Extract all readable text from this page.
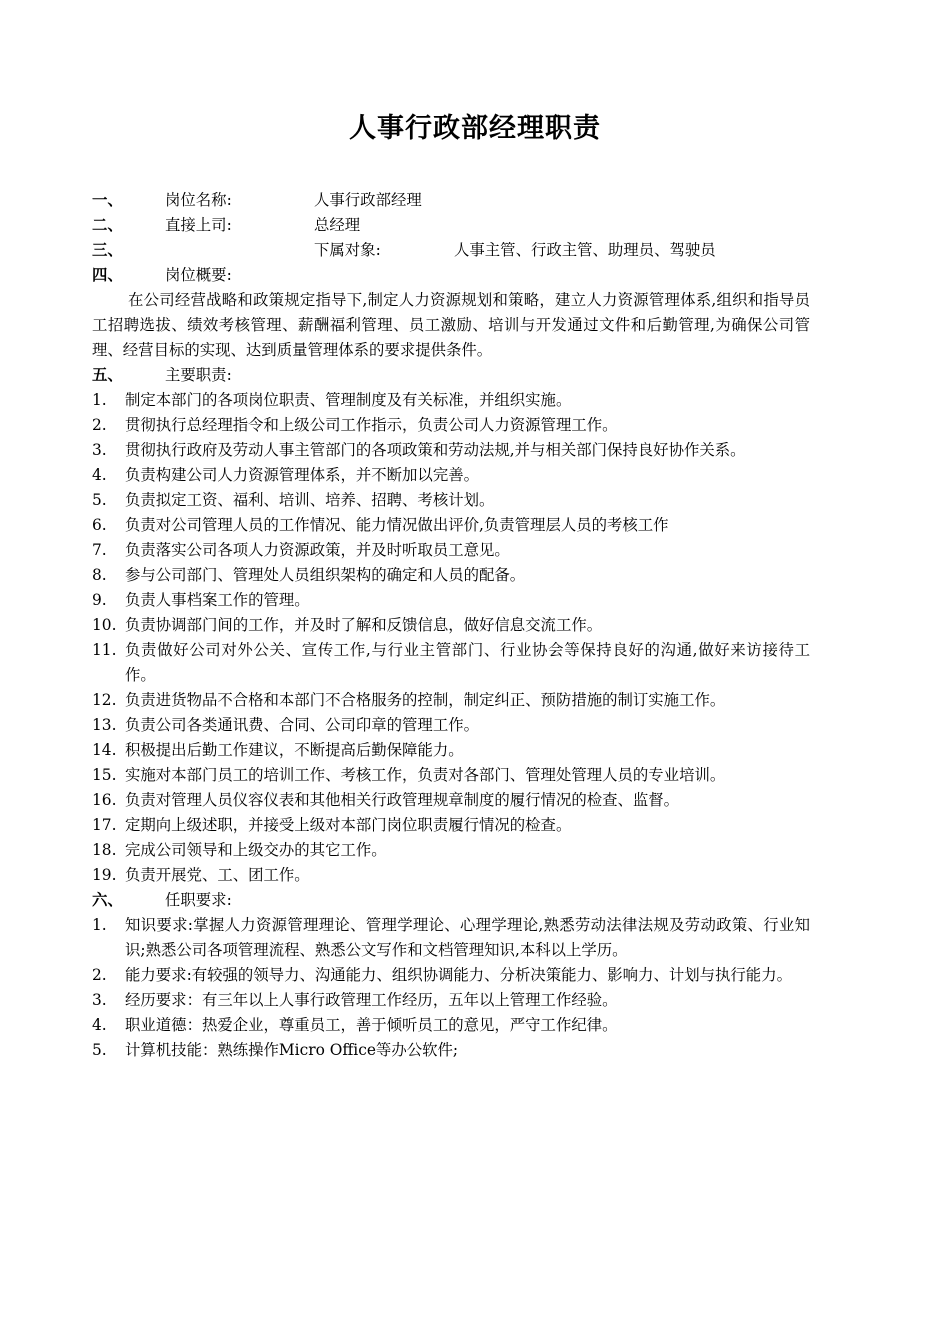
人事行政部经理职责
一、	岗位名称:	人事行政部经理
二、	直接上司:	总经理
三、	下属对象:	人事主管、行政主管、助理员、驾驶员
四、	岗位概要:

在公司经营战略和政策规定指导下,制定人力资源规划和策略，建立人力资源管理体系,组织和指导员工招聘选拔、绩效考核管理、薪酬福利管理、员工激励、培训与开发通过文件和后勤管理,为确保公司管理、经营目标的实现、达到质量管理体系的要求提供条件。

五、	主要职责:
1. 制定本部门的各项岗位职责、管理制度及有关标准，并组织实施。
2. 贯彻执行总经理指令和上级公司工作指示，负责公司人力资源管理工作。
3. 贯彻执行政府及劳动人事主管部门的各项政策和劳动法规,并与相关部门保持良好协作关系。
4. 负责构建公司人力资源管理体系，并不断加以完善。
5. 负责拟定工资、福利、培训、培养、招聘、考核计划。
6. 负责对公司管理人员的工作情况、能力情况做出评价,负责管理层人员的考核工作
7. 负责落实公司各项人力资源政策，并及时听取员工意见。
8. 参与公司部门、管理处人员组织架构的确定和人员的配备。
9. 负责人事档案工作的管理。
10. 负责协调部门间的工作，并及时了解和反馈信息，做好信息交流工作。
11. 负责做好公司对外公关、宣传工作,与行业主管部门、行业协会等保持良好的沟通,做好来访接待工作。
12. 负责进货物品不合格和本部门不合格服务的控制，制定纠正、预防措施的制订实施工作。
13. 负责公司各类通讯费、合同、公司印章的管理工作。
14. 积极提出后勤工作建议，不断提高后勤保障能力。
15. 实施对本部门员工的培训工作、考核工作，负责对各部门、管理处管理人员的专业培训。
16. 负责对管理人员仪容仪表和其他相关行政管理规章制度的履行情况的检查、监督。
17. 定期向上级述职，并接受上级对本部门岗位职责履行情况的检查。
18. 完成公司领导和上级交办的其它工作。
19. 负责开展党、工、团工作。
六、	任职要求:
1. 知识要求:掌握人力资源管理理论、管理学理论、心理学理论,熟悉劳动法律法规及劳动政策、行业知识;熟悉公司各项管理流程、熟悉公文写作和文档管理知识,本科以上学历。
2. 能力要求:有较强的领导力、沟通能力、组织协调能力、分析决策能力、影响力、计划与执行能力。
3. 经历要求：有三年以上人事行政管理工作经历，五年以上管理工作经验。
4. 职业道德：热爱企业，尊重员工，善于倾听员工的意见，严守工作纪律。
5. 计算机技能：熟练操作Micro Office等办公软件;
